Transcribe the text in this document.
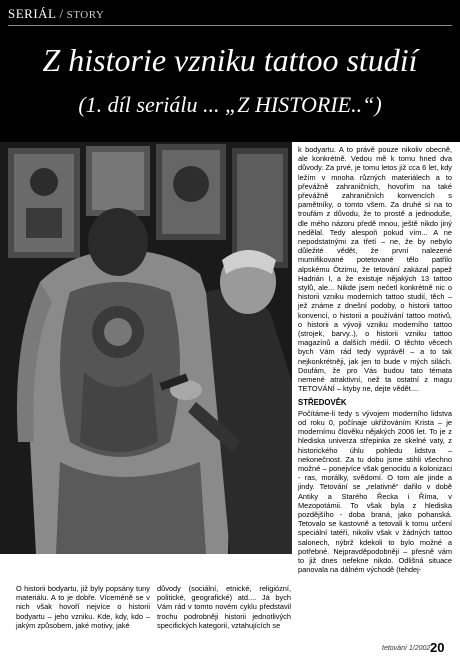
SERIÁL / STORY
Z historie vzniku tattoo studií
(1. díl seriálu ... „Z HISTORIE..“)

k bodyartu. A to právě pouze nikoliv obecně, ale konkrétně. Vedou mě k tomu hned dva důvody. Za prvé, je tomu letos již cca 6 let, kdy ležím v mnoha různých materiálech a to převážně zahraničních, hovořím na také převážně zahraničních konvencích s pamětníky, o tomto všem. Za druhé si na to troufám z důvodu, že to prostě a jednoduše, dle mého názoru předě mnou, ještě nikdo jiný nedělal. Tedy alespoň pokud vím... A ne nepodstatnými za třetí – ne, že by nebylo důležité vědět, že první nalezené mumifikované potetované tělo patřilo alpskému Ötzimu, že tetování zakázal papež Hadrián I, a že existuje nějakých 13 tattoo stylů, ale... Nikde jsem nečetl konkrétně nic o historii vzniku moderních tattoo studií, těch – jež známe z dnešní podoby, o historii tattoo konvencí, o historii a používání tattoo motivů, o historii a vývoji vzniku moderního tattoo (strojek, barvy..), o historii vzniku tattoo magazínů a dalších médií. O těchto věcech bych Vám rád tedy vyprávěl – a to tak nejkonkrétněji, jak jen to bude v mých silách. Doufám, že pro Vás budou tato témata nemené atraktivní, než ta ostatní z magu TETOVÁNÍ – ktyby ne, dejte vědět....

STŘEDOVĚK

Počítáme-li tedy s vývojem moderního lidstva od roku 0, počínaje ukřižováním Krista – je modernímu člověku nějakých 2006 let. To je z hlediska univerza střepinka ze skelné vaty, z historického úhlu pohledu lidstva – nekonečnost. Za tu dobu jsme stihli všechno možné – ponejvíce však genocidu a kolonizaci - ras, morálky, svědomí. O tom ale jinde a jindy. Tetování se „relativně“ dařilo v době Antiky a Starého Řecka i Říma, v Mezopotámii. To však byla z hlediska pozdějšího - doba braná, jako pohanská. Tetovalo se kastovně a tetovali k tomu určení speciální tatéři, nikoliv však v žádných tattoo salonech, nýbrž kdekoli to bylo možné a potřebné. Nejpravděpodobněji – přesně vám to již dnes nefekne nikdo. Odlišná situace panovala na dálném východě (tehdej-

O historii bodyartu, již byly popsány tuny materiálu. A to je dobře. Víceméně se v nich však hovoří nejvíce o historii bodyartu – jeho vzniku. Kde, kdy, kdo – jakým způsobem, jaké motivy, jaké

důvody (sociální, etnické, religiózní, politické, geografické) atd.... Já bych Vám rád v tomto novém cyklu představil trochu podrobněji historii jednotlivých specifických kategorií, vztahujících se

tetování 1/2002 20
